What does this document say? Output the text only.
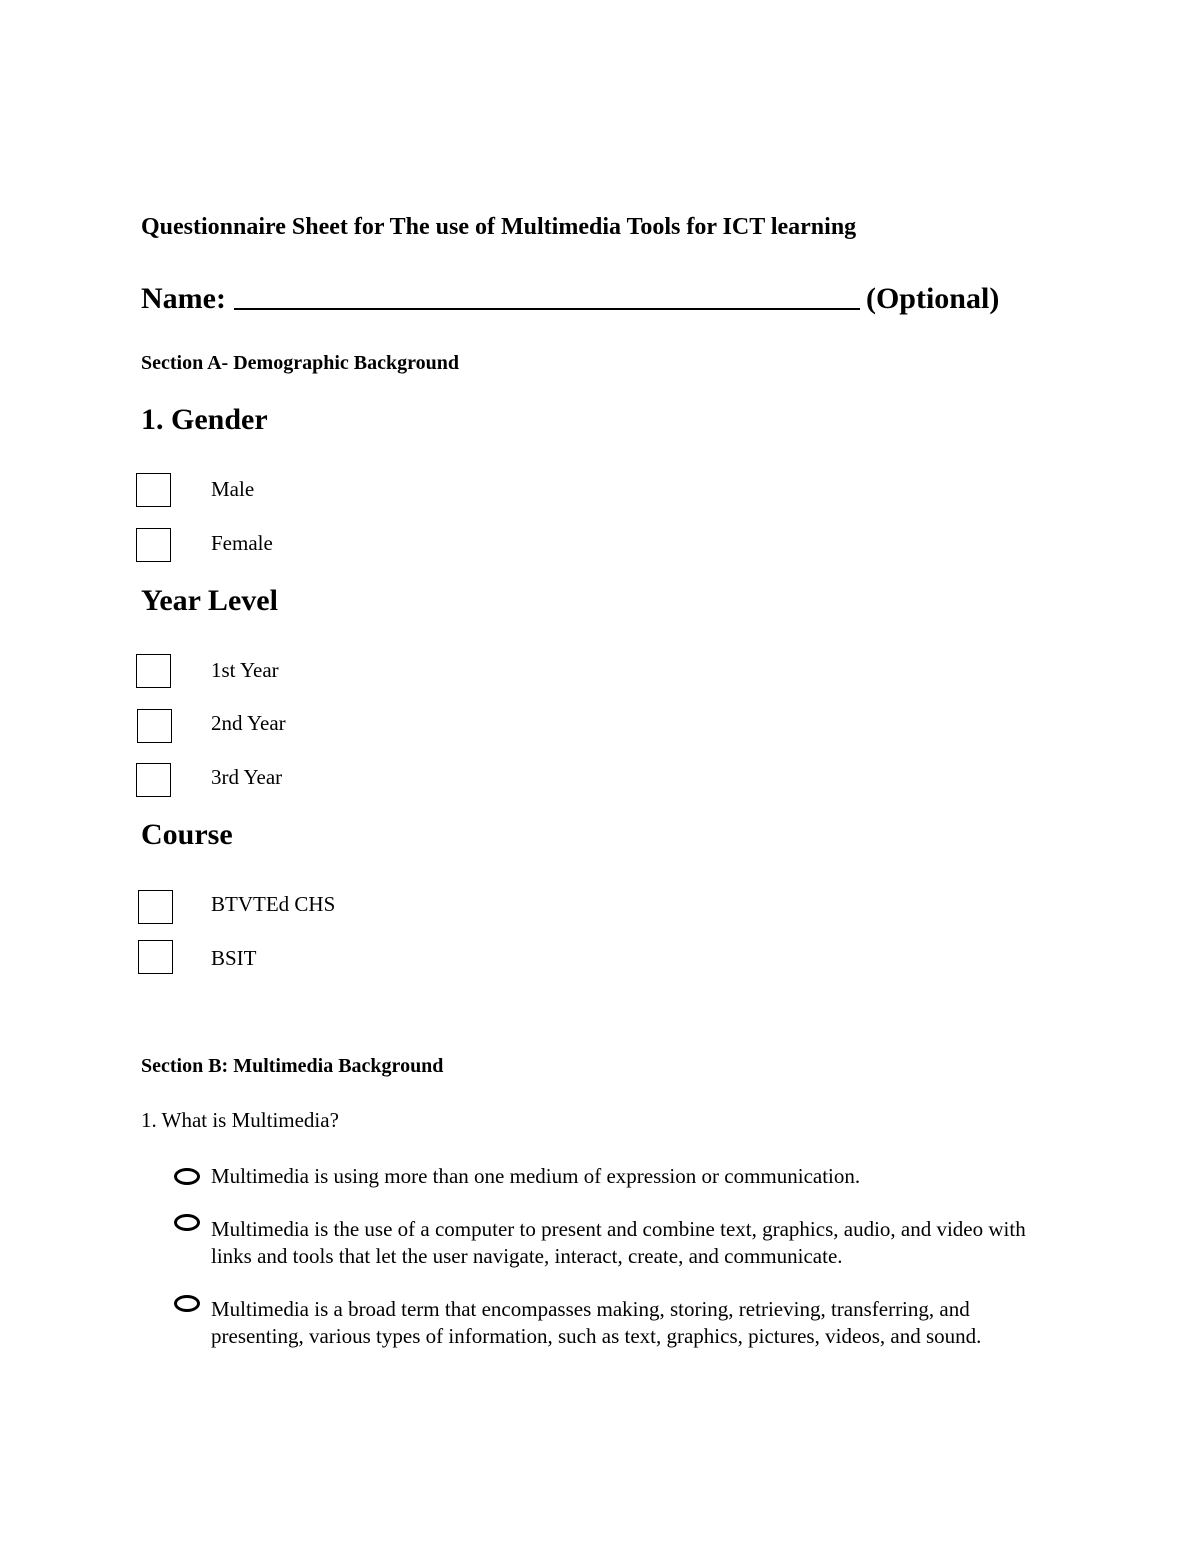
Questionnaire Sheet for The use of Multimedia Tools for ICT learning
Name:	(Optional)
Section A- Demographic Background
1. Gender
Male
Female
Year Level
1st Year
2nd Year
3rd Year
Course
BTVTEd CHS
BSIT
Section B: Multimedia Background
1. What is Multimedia?
Multimedia is using more than one medium of expression or communication.
Multimedia is the use of a computer to present and combine text, graphics, audio, and video with links and tools that let the user navigate, interact, create, and communicate.
Multimedia is a broad term that encompasses making, storing, retrieving, transferring, and presenting, various types of information, such as text, graphics, pictures, videos, and sound.
